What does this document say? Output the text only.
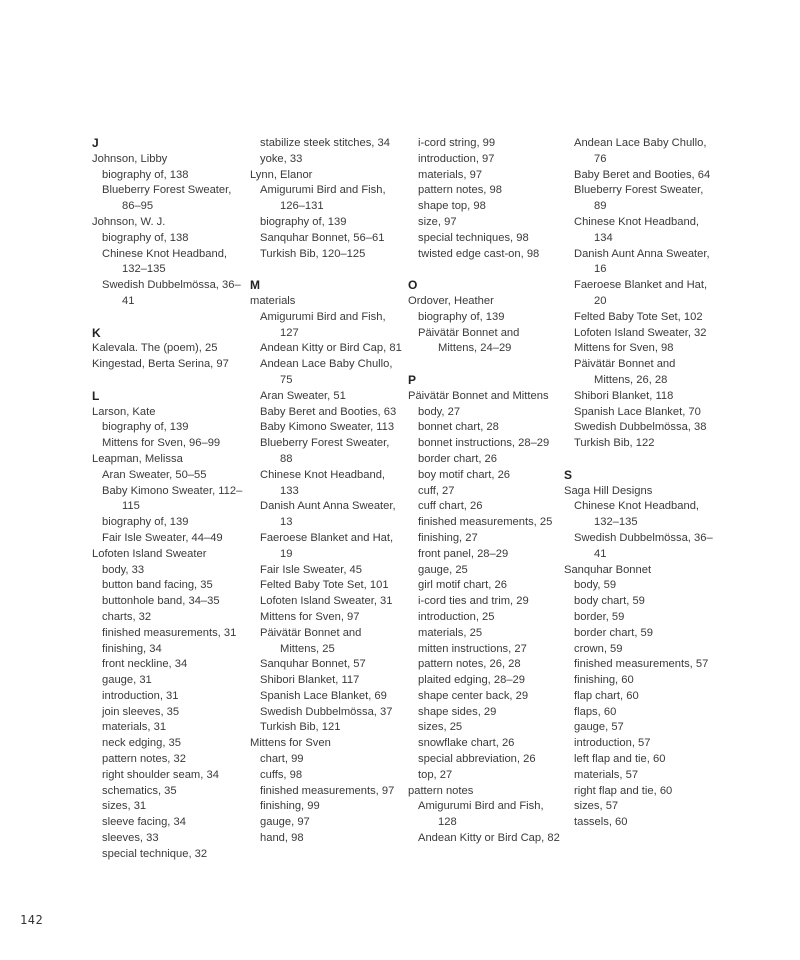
J
Johnson, Libby
biography of, 138
Blueberry Forest Sweater, 86–95
Johnson, W. J.
biography of, 138
Chinese Knot Headband, 132–135
Swedish Dubbelmössa, 36–41
K
Kalevala. The (poem), 25
Kingestad, Berta Serina, 97
L
Larson, Kate
biography of, 139
Mittens for Sven, 96–99
Leapman, Melissa
Aran Sweater, 50–55
Baby Kimono Sweater, 112–115
biography of, 139
Fair Isle Sweater, 44–49
Lofoten Island Sweater
body, 33
button band facing, 35
buttonhole band, 34–35
charts, 32
finished measurements, 31
finishing, 34
front neckline, 34
gauge, 31
introduction, 31
join sleeves, 35
materials, 31
neck edging, 35
pattern notes, 32
right shoulder seam, 34
schematics, 35
sizes, 31
sleeve facing, 34
sleeves, 33
special technique, 32
stabilize steek stitches, 34
yoke, 33
Lynn, Elanor
Amigurumi Bird and Fish, 126–131
biography of, 139
Sanquhar Bonnet, 56–61
Turkish Bib, 120–125
M
materials
Amigurumi Bird and Fish, 127
Andean Kitty or Bird Cap, 81
Andean Lace Baby Chullo, 75
Aran Sweater, 51
Baby Beret and Booties, 63
Baby Kimono Sweater, 113
Blueberry Forest Sweater, 88
Chinese Knot Headband, 133
Danish Aunt Anna Sweater, 13
Faeroese Blanket and Hat, 19
Fair Isle Sweater, 45
Felted Baby Tote Set, 101
Lofoten Island Sweater, 31
Mittens for Sven, 97
Päivätär Bonnet and Mittens, 25
Sanquhar Bonnet, 57
Shibori Blanket, 117
Spanish Lace Blanket, 69
Swedish Dubbelmössa, 37
Turkish Bib, 121
Mittens for Sven
chart, 99
cuffs, 98
finished measurements, 97
finishing, 99
gauge, 97
hand, 98
i-cord string, 99
introduction, 97
materials, 97
pattern notes, 98
shape top, 98
size, 97
special techniques, 98
twisted edge cast-on, 98
O
Ordover, Heather
biography of, 139
Päivätär Bonnet and Mittens, 24–29
P
Päivätär Bonnet and Mittens
body, 27
bonnet chart, 28
bonnet instructions, 28–29
border chart, 26
boy motif chart, 26
cuff, 27
cuff chart, 26
finished measurements, 25
finishing, 27
front panel, 28–29
gauge, 25
girl motif chart, 26
i-cord ties and trim, 29
introduction, 25
materials, 25
mitten instructions, 27
pattern notes, 26, 28
plaited edging, 28–29
shape center back, 29
shape sides, 29
sizes, 25
snowflake chart, 26
special abbreviation, 26
top, 27
pattern notes
Amigurumi Bird and Fish, 128
Andean Kitty or Bird Cap, 82
Andean Lace Baby Chullo, 76
Baby Beret and Booties, 64
Blueberry Forest Sweater, 89
Chinese Knot Headband, 134
Danish Aunt Anna Sweater, 16
Faeroese Blanket and Hat, 20
Felted Baby Tote Set, 102
Lofoten Island Sweater, 32
Mittens for Sven, 98
Päivätär Bonnet and Mittens, 26, 28
Shibori Blanket, 118
Spanish Lace Blanket, 70
Swedish Dubbelmössa, 38
Turkish Bib, 122
S
Saga Hill Designs
Chinese Knot Headband, 132–135
Swedish Dubbelmössa, 36–41
Sanquhar Bonnet
body, 59
body chart, 59
border, 59
border chart, 59
crown, 59
finished measurements, 57
finishing, 60
flap chart, 60
flaps, 60
gauge, 57
introduction, 57
left flap and tie, 60
materials, 57
right flap and tie, 60
sizes, 57
tassels, 60
142
